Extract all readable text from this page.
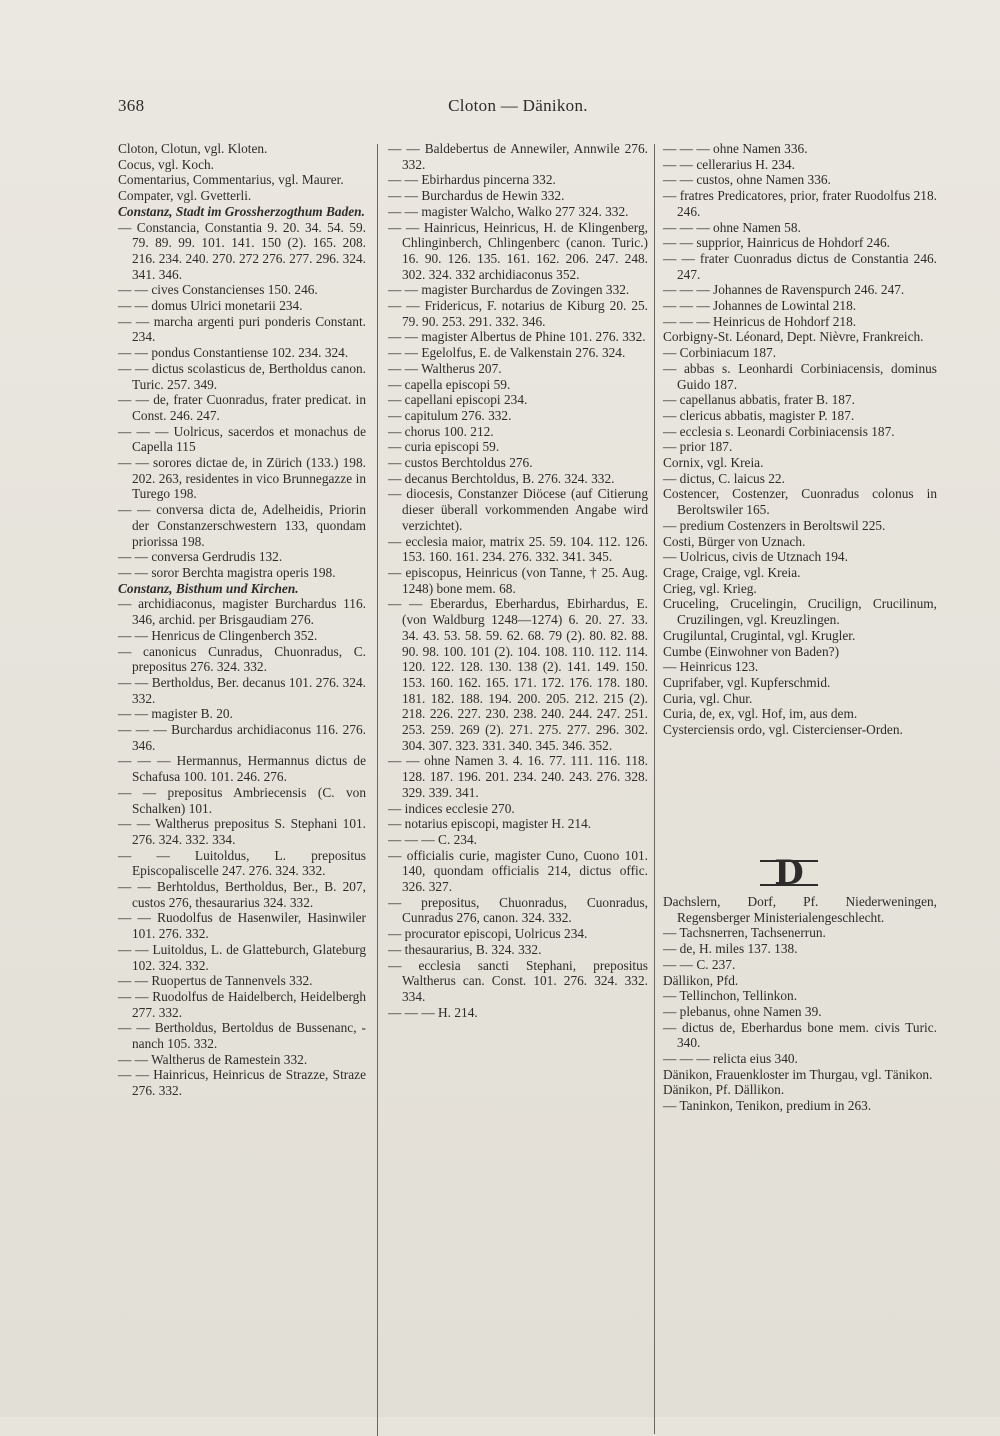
368	Cloton — Dänikon.

Cloton, Clotun, vgl. Kloten.

Cocus, vgl. Koch.

Comentarius, Commentarius, vgl. Maurer.

Compater, vgl. Gvetterli.

Constanz, Stadt im Grossherzogthum Baden.

— Constancia, Constantia 9. 20. 34. 54. 59. 79. 89. 99. 101. 141. 150 (2). 165. 208. 216. 234. 240. 270. 272 276. 277. 296. 324. 341. 346.

— — cives Constancienses 150. 246.

— — domus Ulrici monetarii 234.

— — marcha argenti puri ponderis Constant. 234.

— — pondus Constantiense 102. 234. 324.

— — dictus scolasticus de, Bertholdus canon. Turic. 257. 349.

— — de, frater Cuonradus, frater predicat. in Const. 246. 247.

— — — Uolricus, sacerdos et monachus de Capella 115

— — sorores dictae de, in Zürich (133.) 198. 202. 263, residentes in vico Brunnegazze in Turego 198.

— — conversa dicta de, Adelheidis, Priorin der Constanzerschwestern 133, quondam priorissa 198.

— — conversa Gerdrudis 132.

— — soror Berchta magistra operis 198.

Constanz, Bisthum und Kirchen.

— archidiaconus, magister Burchardus 116. 346, archid. per Brisgaudiam 276.

— — Henricus de Clingenberch 352.

— canonicus Cunradus, Chuonradus, C. prepositus 276. 324. 332.

— — Bertholdus, Ber. decanus 101. 276. 324. 332.

— — magister B. 20.

— — — Burchardus archidiaconus 116. 276. 346.

— — — Hermannus, Hermannus dictus de Schafusa 100. 101. 246. 276.

— — prepositus Ambriecensis (C. von Schalken) 101.

— — Waltherus prepositus S. Stephani 101. 276. 324. 332. 334.

— — Luitoldus, L. prepositus Episcopaliscelle 247. 276. 324. 332.

— — Berhtoldus, Bertholdus, Ber., B. 207, custos 276, thesaurarius 324. 332.

— — Ruodolfus de Hasenwiler, Hasinwiler 101. 276. 332.

— — Luitoldus, L. de Glatteburch, Glateburg 102. 324. 332.

— — Ruopertus de Tannenvels 332.

— — Ruodolfus de Haidelberch, Heidelbergh 277. 332.

— — Bertholdus, Bertoldus de Bussenanc, -nanch 105. 332.

— — Waltherus de Ramestein 332.

— — Hainricus, Heinricus de Strazze, Straze 276. 332.

— — Baldebertus de Annewiler, Annwile 276. 332.

— — Ebirhardus pincerna 332.

— — Burchardus de Hewin 332.

— — magister Walcho, Walko 277 324. 332.

— — Hainricus, Heinricus, H. de Klingenberg, Chlinginberch, Chlingenberc (canon. Turic.) 16. 90. 126. 135. 161. 162. 206. 247. 248. 302. 324. 332 archidiaconus 352.

— — magister Burchardus de Zovingen 332.

— — Fridericus, F. notarius de Kiburg 20. 25. 79. 90. 253. 291. 332. 346.

— — magister Albertus de Phine 101. 276. 332.

— — Egelolfus, E. de Valkenstain 276. 324.

— — Waltherus 207.

— capella episcopi 59.

— capellani episcopi 234.

— capitulum 276. 332.

— chorus 100. 212.

— curia episcopi 59.

— custos Berchtoldus 276.

— decanus Berchtoldus, B. 276. 324. 332.

— diocesis, Constanzer Diöcese (auf Citierung dieser überall vorkommenden Angabe wird verzichtet).

— ecclesia maior, matrix 25. 59. 104. 112. 126. 153. 160. 161. 234. 276. 332. 341. 345.

— episcopus, Heinricus (von Tanne, † 25. Aug. 1248) bone mem. 68.

— — Eberardus, Eberhardus, Ebirhardus, E. (von Waldburg 1248—1274) 6. 20. 27. 33. 34. 43. 53. 58. 59. 62. 68. 79 (2). 80. 82. 88. 90. 98. 100. 101 (2). 104. 108. 110. 112. 114. 120. 122. 128. 130. 138 (2). 141. 149. 150. 153. 160. 162. 165. 171. 172. 176. 178. 180. 181. 182. 188. 194. 200. 205. 212. 215 (2). 218. 226. 227. 230. 238. 240. 244. 247. 251. 253. 259. 269 (2). 271. 275. 277. 296. 302. 304. 307. 323. 331. 340. 345. 346. 352.

— — ohne Namen 3. 4. 16. 77. 111. 116. 118. 128. 187. 196. 201. 234. 240. 243. 276. 328. 329. 339. 341.

— indices ecclesie 270.

— notarius episcopi, magister H. 214.

— — — C. 234.

— officialis curie, magister Cuno, Cuono 101. 140, quondam officialis 214, dictus offic. 326. 327.

— prepositus, Chuonradus, Cuonradus, Cunradus 276, canon. 324. 332.

— procurator episcopi, Uolricus 234.

— thesaurarius, B. 324. 332.

— ecclesia sancti Stephani, prepositus Waltherus can. Const. 101. 276. 324. 332. 334.

— — — H. 214.

— — — ohne Namen 336.

— — cellerarius H. 234.

— — custos, ohne Namen 336.

— fratres Predicatores, prior, frater Ruodolfus 218. 246.

— — — ohne Namen 58.

— — supprior, Hainricus de Hohdorf 246.

— — frater Cuonradus dictus de Constantia 246. 247.

— — — Johannes de Ravenspurch 246. 247.

— — — Johannes de Lowintal 218.

— — — Heinricus de Hohdorf 218.

Corbigny-St. Léonard, Dept. Nièvre, Frankreich.

— Corbiniacum 187.

— abbas s. Leonhardi Corbiniacensis, dominus Guido 187.

— capellanus abbatis, frater B. 187.

— clericus abbatis, magister P. 187.

— ecclesia s. Leonardi Corbiniacensis 187.

— prior 187.

Cornix, vgl. Kreia.

— dictus, C. laicus 22.

Costencer, Costenzer, Cuonradus colonus in Beroltswiler 165.

— predium Costenzers in Beroltswil 225.

Costi, Bürger von Uznach.

— Uolricus, civis de Utznach 194.

Crage, Craige, vgl. Kreia.

Crieg, vgl. Krieg.

Cruceling, Crucelingin, Crucilign, Crucilinum, Cruzilingen, vgl. Kreuzlingen.

Crugiluntal, Crugintal, vgl. Krugler.

Cumbe (Einwohner von Baden?)

— Heinricus 123.

Cuprifaber, vgl. Kupferschmid.

Curia, vgl. Chur.

Curia, de, ex, vgl. Hof, im, aus dem.

Cysterciensis ordo, vgl. Cistercienser-Orden.

D

Dachslern, Dorf, Pf. Niederweningen, Regensberger Ministerialengeschlecht.

— Tachsnerren, Tachsenerrun.

— de, H. miles 137. 138.

— — C. 237.

Dällikon, Pfd.

— Tellinchon, Tellinkon.

— plebanus, ohne Namen 39.

— dictus de, Eberhardus bone mem. civis Turic. 340.

— — — relicta eius 340.

Dänikon, Frauenkloster im Thurgau, vgl. Tänikon.

Dänikon, Pf. Dällikon.

— Taninkon, Tenikon, predium in 263.
